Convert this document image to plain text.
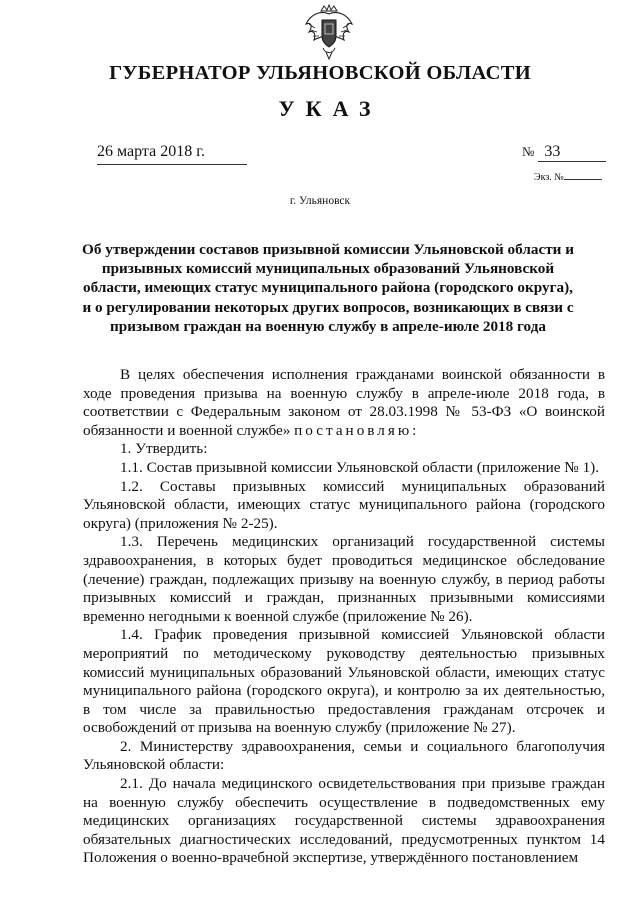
ГУБЕРНАТОР УЛЬЯНОВСКОЙ ОБЛАСТИ
УКАЗ
26 марта 2018 г.	№ 33
Экз. №
г. Ульяновск
Об утверждении составов призывной комиссии Ульяновской области и призывных комиссий муниципальных образований Ульяновской области, имеющих статус муниципального района (городского округа), и о регулировании некоторых других вопросов, возникающих в связи с призывом граждан на военную службу в апреле-июле 2018 года

В целях обеспечения исполнения гражданами воинской обязанности в ходе проведения призыва на военную службу в апреле-июле 2018 года, в соответствии с Федеральным законом от 28.03.1998 № 53-ФЗ «О воинской обязанности и военной службе» постановляю:

1. Утвердить:

1.1. Состав призывной комиссии Ульяновской области (приложение № 1).

1.2. Составы призывных комиссий муниципальных образований Ульяновской области, имеющих статус муниципального района (городского округа) (приложения № 2-25).

1.3. Перечень медицинских организаций государственной системы здравоохранения, в которых будет проводиться медицинское обследование (лечение) граждан, подлежащих призыву на военную службу, в период работы призывных комиссий и граждан, признанных призывными комиссиями временно негодными к военной службе (приложение № 26).

1.4. График проведения призывной комиссией Ульяновской области мероприятий по методическому руководству деятельностью призывных комиссий муниципальных образований Ульяновской области, имеющих статус муниципального района (городского округа), и контролю за их деятельностью, в том числе за правильностью предоставления гражданам отсрочек и освобождений от призыва на военную службу (приложение № 27).

2. Министерству здравоохранения, семьи и социального благополучия Ульяновской области:

2.1. До начала медицинского освидетельствования при призыве граждан на военную службу обеспечить осуществление в подведомственных ему медицинских организациях государственной системы здравоохранения обязательных диагностических исследований, предусмотренных пунктом 14 Положения о военно-врачебной экспертизе, утверждённого постановлением
